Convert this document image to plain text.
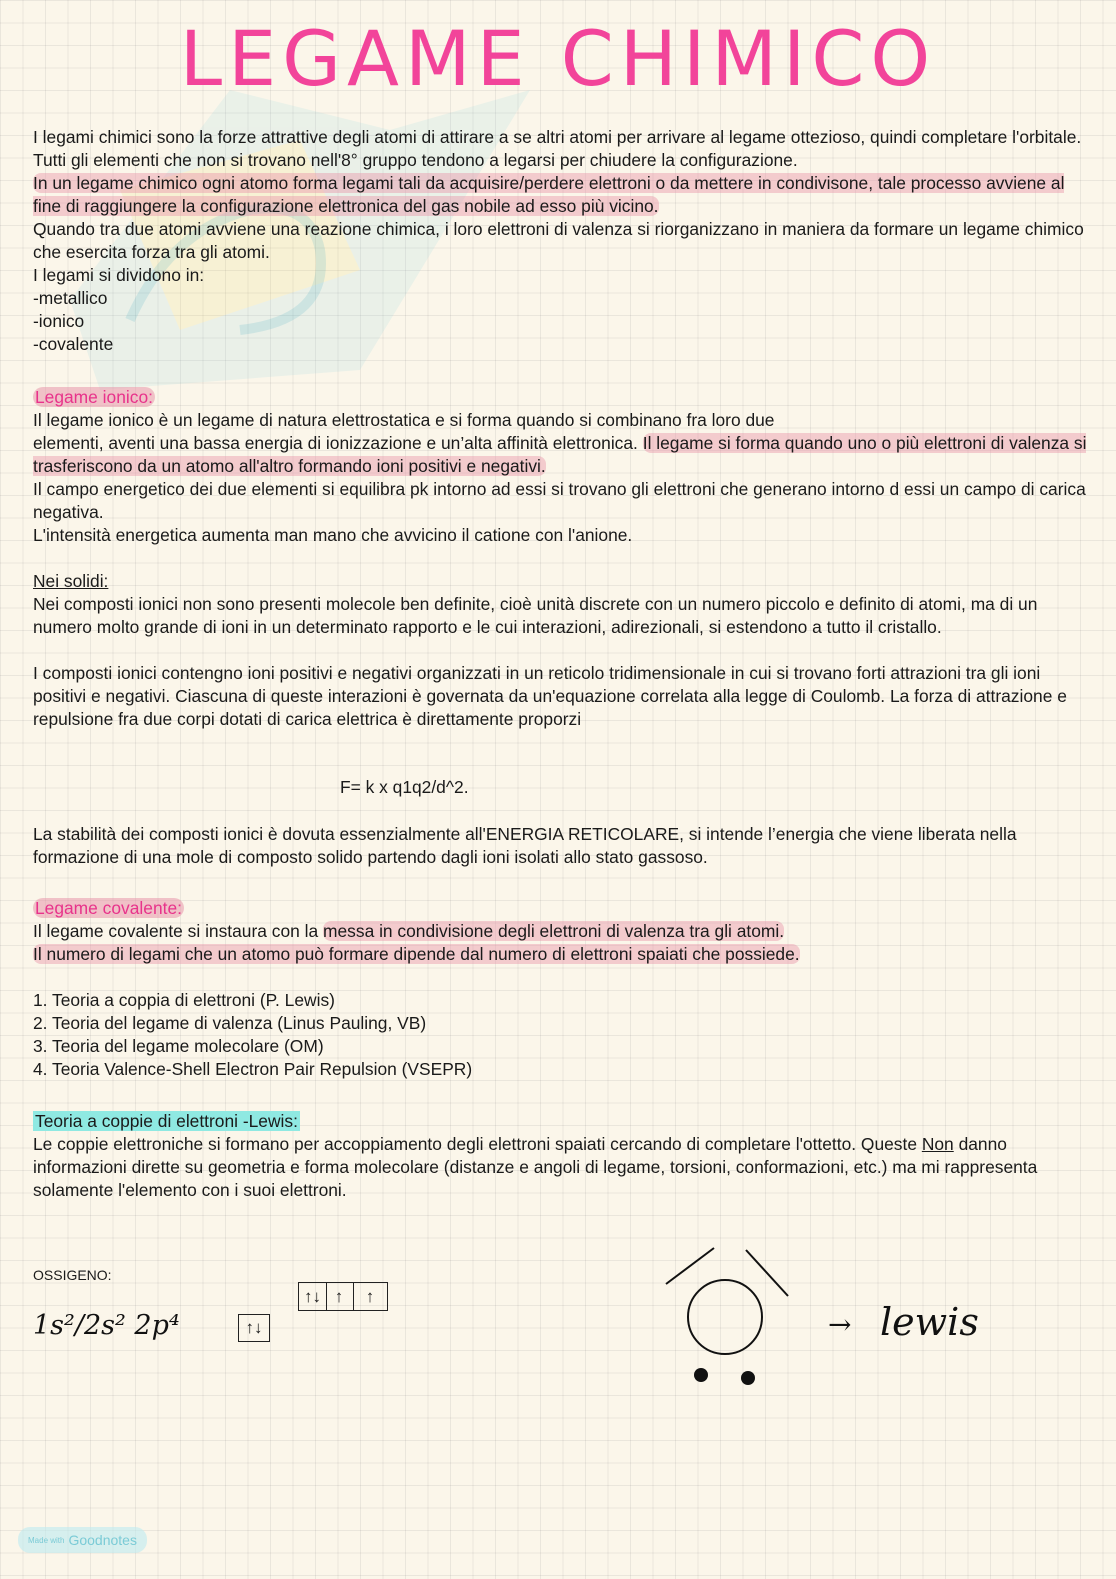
LEGAME CHIMICO

I legami chimici sono la forze attrattive degli atomi di attirare a se altri atomi per arrivare al legame ottezioso, quindi completare l'orbitale. Tutti gli elementi che non si trovano nell'8° gruppo tendono a legarsi per chiudere la configurazione.

In un legame chimico ogni atomo forma legami tali da acquisire/perdere elettroni o da mettere in condivisone, tale processo avviene al fine di raggiungere la configurazione elettronica del gas nobile ad esso più vicino.

Quando tra due atomi avviene una reazione chimica, i loro elettroni di valenza si riorganizzano in maniera da formare un legame chimico che esercita forza tra gli atomi.

I legami si dividono in:

-metallico

-ionico

-covalente

Legame ionico:

Il legame ionico è un legame di natura elettrostatica e si forma quando si combinano fra loro due

elementi, aventi una bassa energia di ionizzazione e un’alta affinità elettronica. Il legame si forma quando uno o più elettroni di valenza si trasferiscono da un atomo all'altro formando ioni positivi e negativi.

Il campo energetico dei due elementi si equilibra pk intorno ad essi si trovano gli elettroni che generano intorno d essi un campo di carica negativa.

L'intensità energetica aumenta man mano che avvicino il catione con l'anione.

Nei solidi:

Nei composti ionici non sono presenti molecole ben definite, cioè unità discrete con un numero piccolo e definito di atomi, ma di un numero molto grande di ioni in un determinato rapporto e le cui interazioni, adirezionali, si estendono a tutto il cristallo.

I composti ionici contengno ioni positivi e negativi organizzati in un reticolo tridimensionale in cui si trovano forti attrazioni tra gli ioni positivi e negativi. Ciascuna di queste interazioni è governata da un'equazione correlata alla legge di Coulomb. La forza di attrazione e repulsione fra due corpi dotati di carica elettrica è direttamente proporzi

F= k x q1q2/d^2.
La stabilità dei composti ionici è dovuta essenzialmente all'ENERGIA RETICOLARE, si intende l’energia che viene liberata nella formazione di una mole di composto solido partendo dagli ioni isolati allo stato gassoso.

Legame covalente:

Il legame covalente si instaura con la messa in condivisione degli elettroni di valenza tra gli atomi.

Il numero di legami che un atomo può formare dipende dal numero di elettroni spaiati che possiede.

1. Teoria a coppia di elettroni (P. Lewis)

2. Teoria del legame di valenza (Linus Pauling, VB)

3. Teoria del legame molecolare (OM)

4. Teoria Valence-Shell Electron Pair Repulsion (VSEPR)

Teoria a coppie di elettroni -Lewis:

Le coppie elettroniche si formano per accoppiamento degli elettroni spaiati cercando di completare l'ottetto. Queste Non danno informazioni dirette su geometria e forma molecolare (distanze e angoli di legame, torsioni, conformazioni, etc.) ma mi rappresenta solamente l'elemento con i suoi elettroni.

OSSIGENO:
1s²/2s² 2p⁴	↑↓
↑↓ ↑	↑
→ lewis
Made with Goodnotes
